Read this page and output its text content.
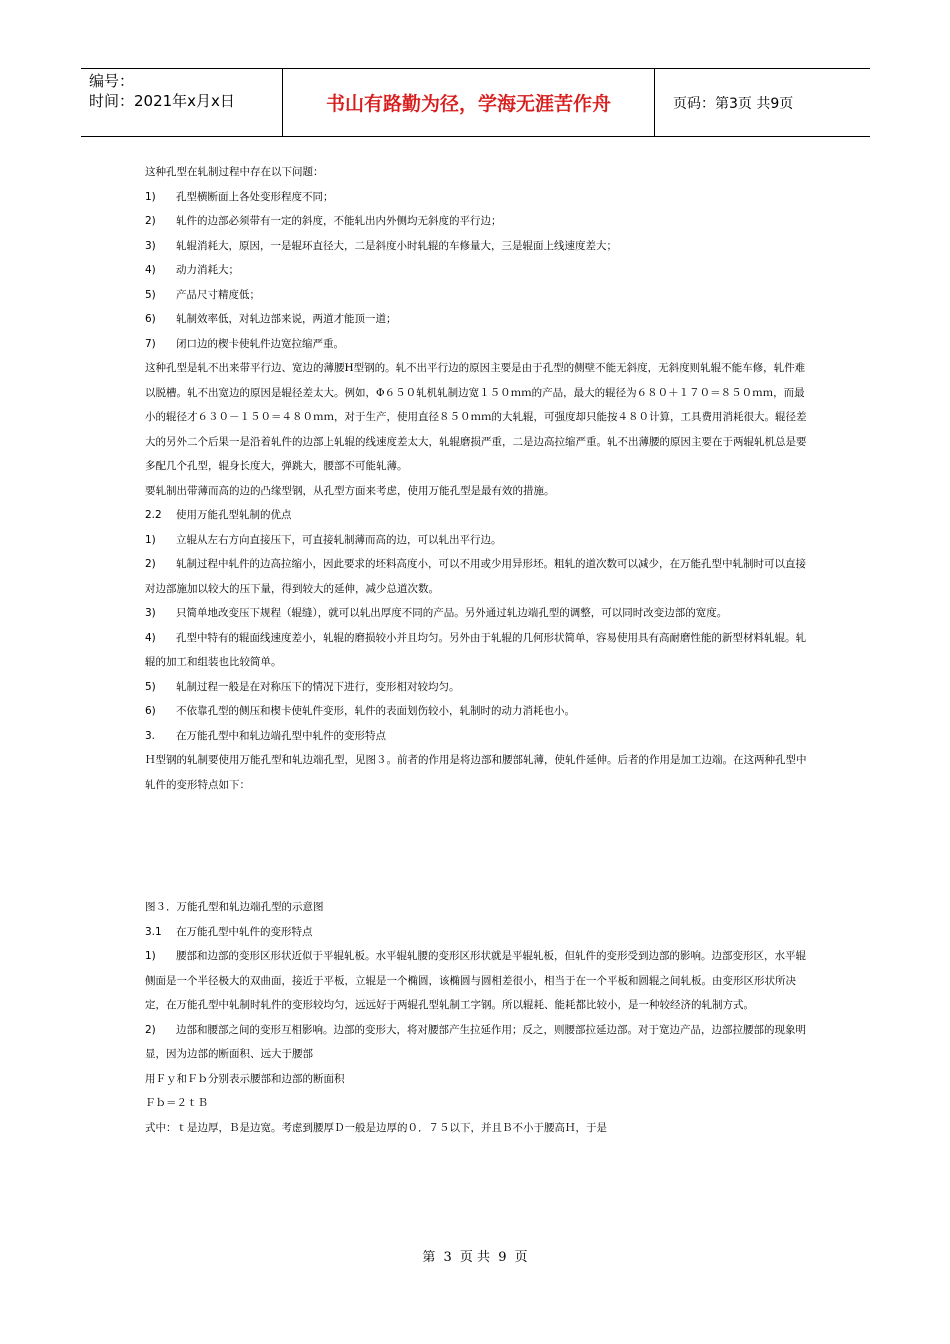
编号：
时间：2021年x月x日	书山有路勤为径，学海无涯苦作舟	页码：第3页 共9页

这种孔型在轧制过程中存在以下问题：

1) 孔型横断面上各处变形程度不同；

2) 轧件的边部必须带有一定的斜度，不能轧出内外侧均无斜度的平行边；

3) 轧辊消耗大，原因，一是辊环直径大，二是斜度小时轧辊的车修量大，三是辊面上线速度差大；

4) 动力消耗大；

5) 产品尺寸精度低；

6) 轧制效率低，对轧边部来说，两道才能顶一道；

7) 闭口边的楔卡使轧件边宽拉缩严重。

这种孔型是轧不出来带平行边、宽边的薄腰H型钢的。轧不出平行边的原因主要是由于孔型的侧壁不能无斜度，无斜度则轧辊不能车修，轧件难以脱槽。轧不出宽边的原因是辊径差太大。例如，Φ６５０轧机轧制边宽１５０ｍｍ的产品，最大的辊径为６８０＋１７０＝８５０ｍｍ，而最小的辊径才６３０－１５０＝４８０ｍｍ，对于生产，使用直径８５０ｍｍ的大轧辊，可强度却只能按４８０计算，工具费用消耗很大。辊径差大的另外二个后果一是沿着轧件的边部上轧辊的线速度差太大，轧辊磨损严重，二是边高拉缩严重。轧不出薄腰的原因主要在于两辊轧机总是要多配几个孔型，辊身长度大，弹跳大，腰部不可能轧薄。

要轧制出带薄而高的边的凸缘型钢，从孔型方面来考虑，使用万能孔型是最有效的措施。

2.2 使用万能孔型轧制的优点

1) 立辊从左右方向直接压下，可直接轧制薄而高的边，可以轧出平行边。

2) 轧制过程中轧件的边高拉缩小，因此要求的坯料高度小，可以不用或少用异形坯。粗轧的道次数可以减少，在万能孔型中轧制时可以直接对边部施加以较大的压下量，得到较大的延伸，减少总道次数。

3) 只简单地改变压下规程（辊缝），就可以轧出厚度不同的产品。另外通过轧边端孔型的调整，可以同时改变边部的宽度。

4) 孔型中特有的辊面线速度差小，轧辊的磨损较小并且均匀。另外由于轧辊的几何形状简单，容易使用具有高耐磨性能的新型材料轧辊。轧辊的加工和组装也比较简单。

5) 轧制过程一般是在对称压下的情况下进行，变形相对较均匀。

6) 不依靠孔型的侧压和楔卡使轧件变形，轧件的表面划伤较小，轧制时的动力消耗也小。

3. 在万能孔型中和轧边端孔型中轧件的变形特点

Ｈ型钢的轧制要使用万能孔型和轧边端孔型，见图３。前者的作用是将边部和腰部轧薄，使轧件延伸。后者的作用是加工边端。在这两种孔型中轧件的变形特点如下：

图３．万能孔型和轧边端孔型的示意图

3.1 在万能孔型中轧件的变形特点

1) 腰部和边部的变形区形状近似于平辊轧板。水平辊轧腰的变形区形状就是平辊轧板，但轧件的变形受到边部的影响。边部变形区，水平辊侧面是一个半径极大的双曲面，接近于平板，立辊是一个椭圆，该椭圆与圆相差很小，相当于在一个平板和圆辊之间轧板。由变形区形状所决定，在万能孔型中轧制时轧件的变形较均匀，远远好于两辊孔型轧制工字钢。所以辊耗、能耗都比较小，是一种较经济的轧制方式。

2) 边部和腰部之间的变形互相影响。边部的变形大，将对腰部产生拉延作用；反之，则腰部拉延边部。对于宽边产品，边部拉腰部的现象明显，因为边部的断面积、远大于腰部

用Ｆｙ和Ｆｂ分别表示腰部和边部的断面积

Ｆｂ＝２ｔＢ

式中：ｔ是边厚，Ｂ是边宽。考虑到腰厚Ｄ一般是边厚的０．７５以下，并且Ｂ不小于腰高Ｈ，于是

第 3 页 共 9 页
